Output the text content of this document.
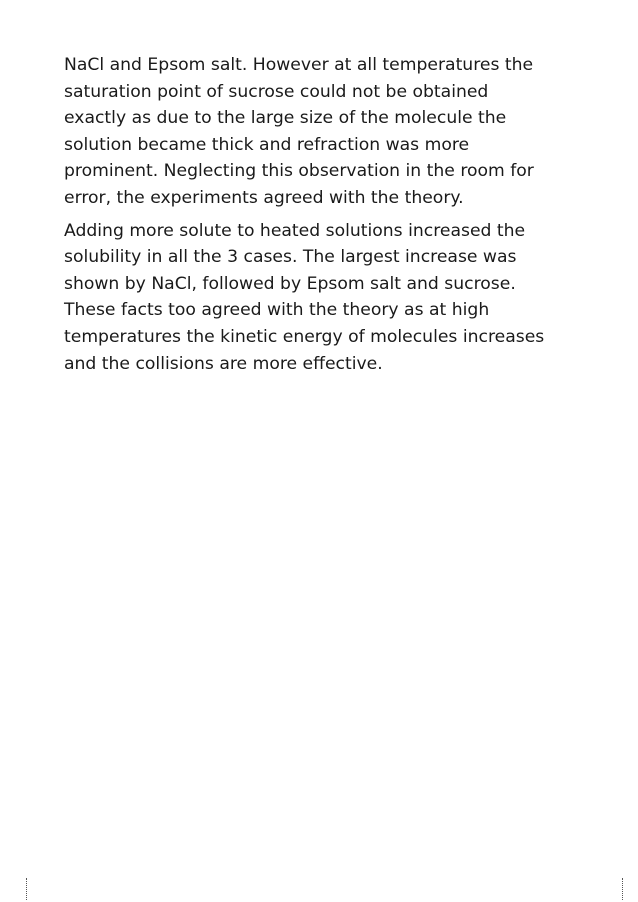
NaCl and Epsom salt. However at all temperatures the
saturation point of sucrose could not be obtained
exactly as due to the large size of the molecule the
solution became thick and refraction was more
prominent. Neglecting this observation in the room for
error, the experiments agreed with the theory.
Adding more solute to heated solutions increased the
solubility in all the 3 cases. The largest increase was
shown by NaCl, followed by Epsom salt and sucrose.
These facts too agreed with the theory as at high
temperatures the kinetic energy of molecules increases
and the collisions are more effective.
